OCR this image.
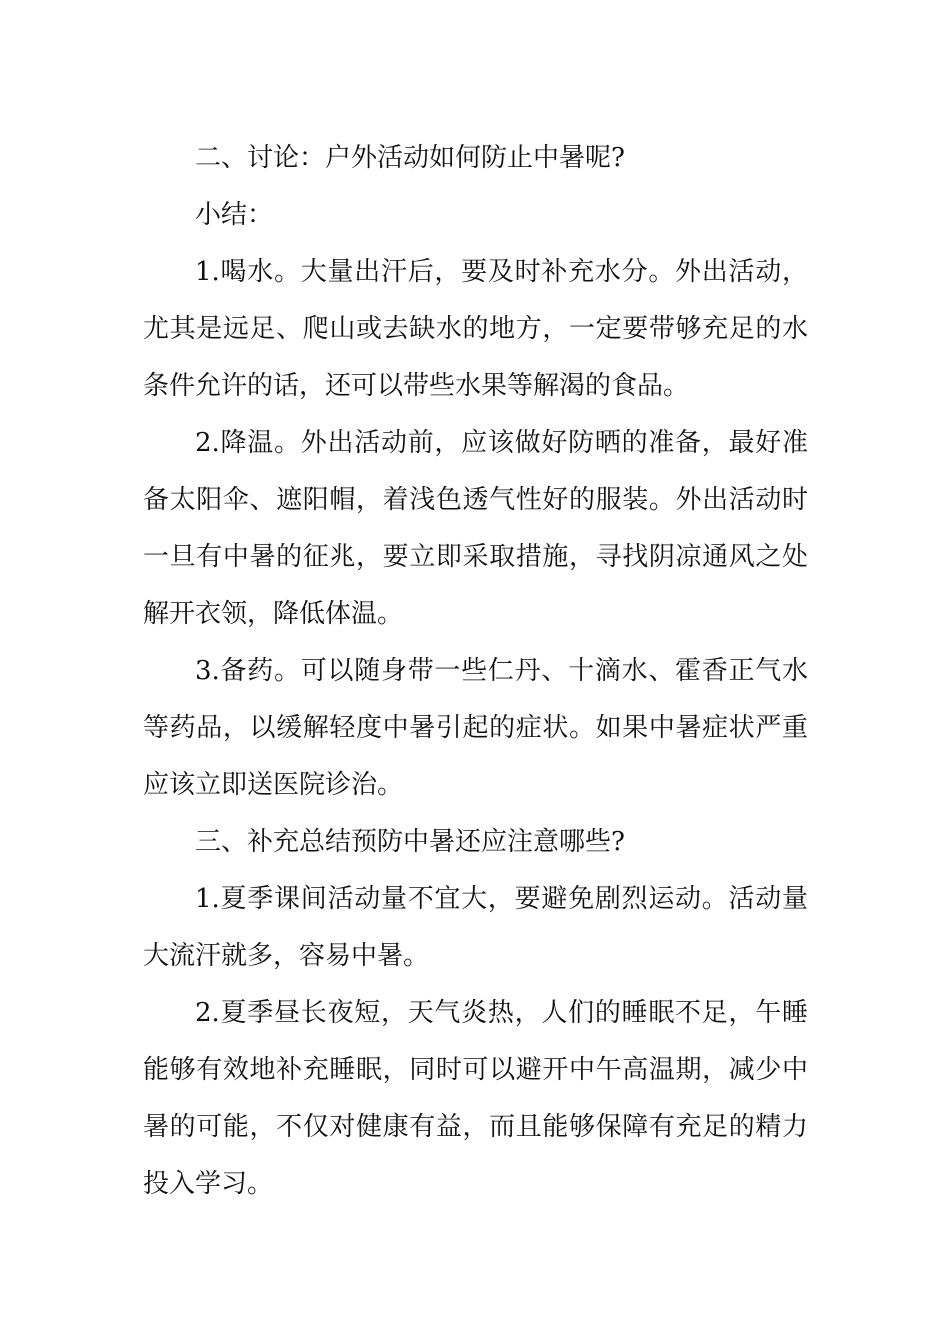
二、讨论：户外活动如何防止中暑呢?

小结：

1.喝水。大量出汗后，要及时补充水分。外出活动，尤其是远足、爬山或去缺水的地方，一定要带够充足的水条件允许的话，还可以带些水果等解渴的食品。

2.降温。外出活动前，应该做好防晒的准备，最好准备太阳伞、遮阳帽，着浅色透气性好的服装。外出活动时一旦有中暑的征兆，要立即采取措施，寻找阴凉通风之处解开衣领，降低体温。

3.备药。可以随身带一些仁丹、十滴水、霍香正气水等药品，以缓解轻度中暑引起的症状。如果中暑症状严重应该立即送医院诊治。

三、补充总结预防中暑还应注意哪些?

1.夏季课间活动量不宜大，要避免剧烈运动。活动量大流汗就多，容易中暑。

2.夏季昼长夜短，天气炎热，人们的睡眠不足，午睡能够有效地补充睡眠，同时可以避开中午高温期，减少中暑的可能，不仅对健康有益，而且能够保障有充足的精力投入学习。
